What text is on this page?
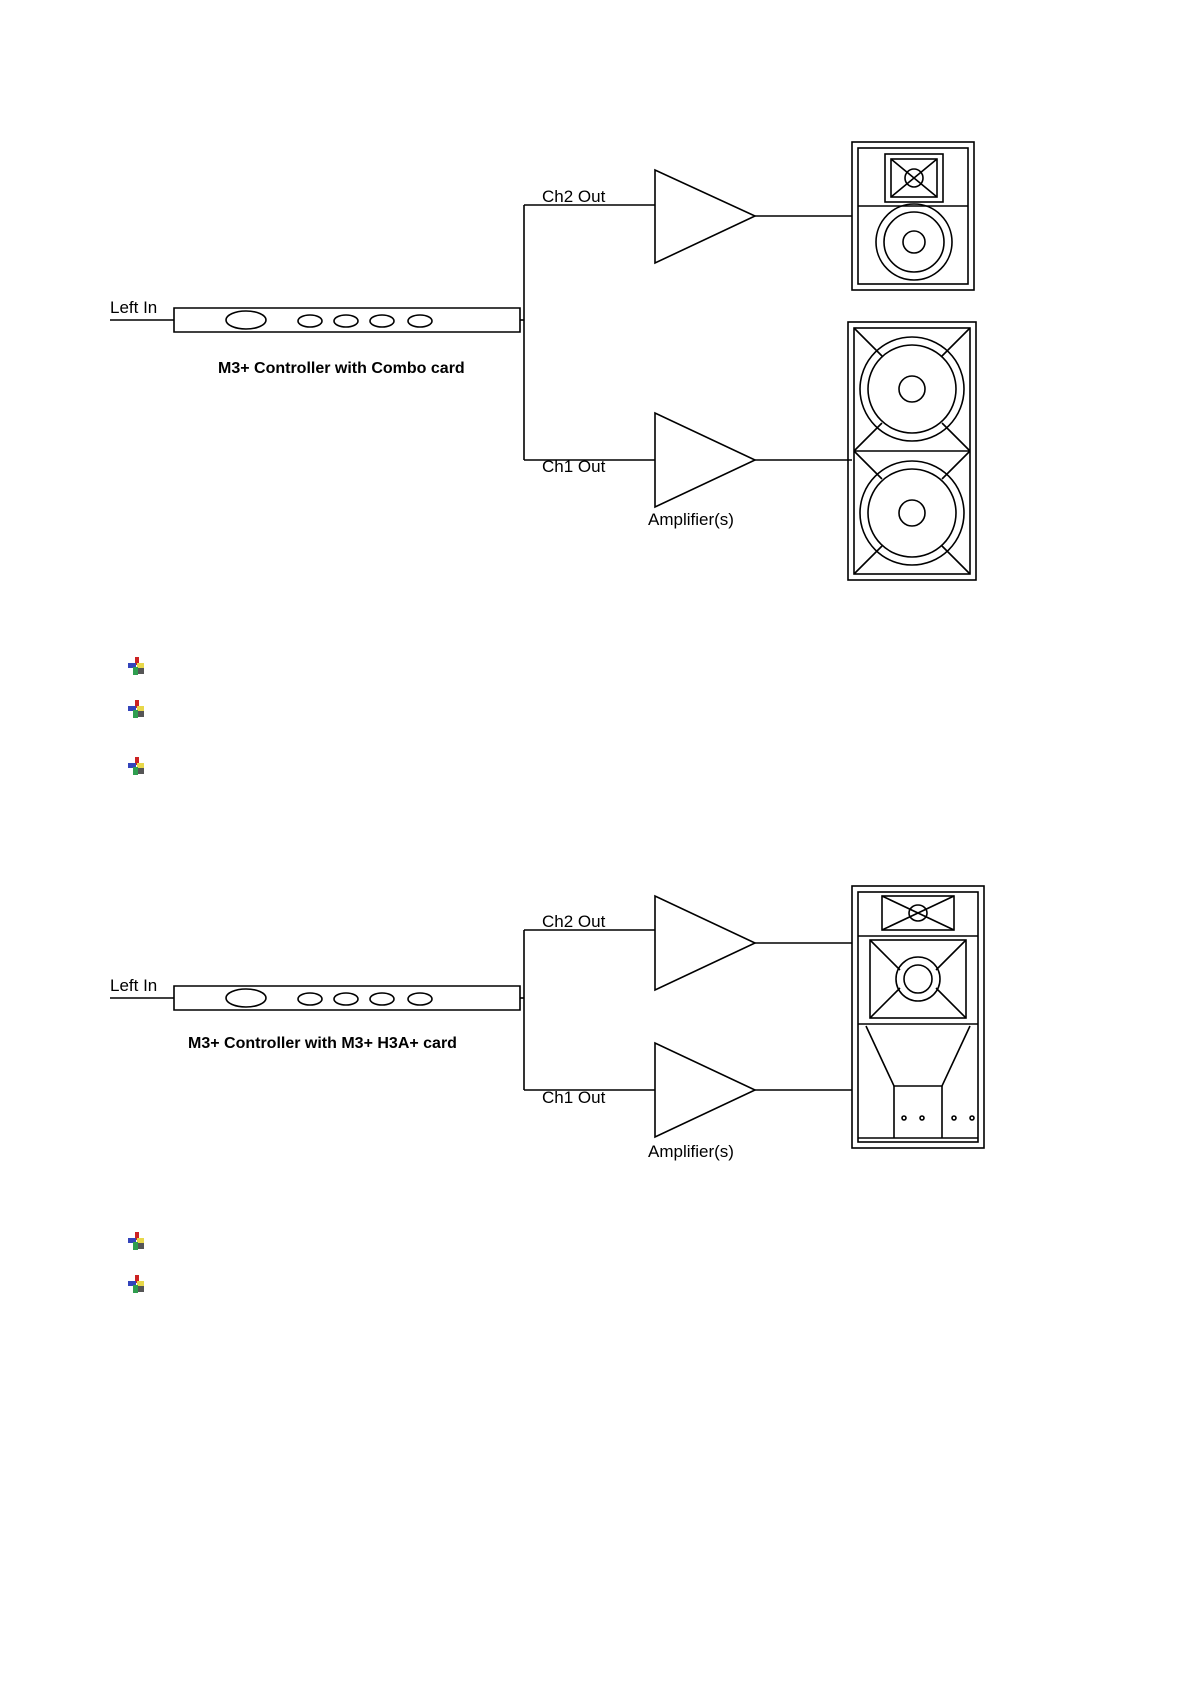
Left In
M3+ Controller with Combo card
Ch2 Out
Ch1 Out
Amplifier(s)
Left In
M3+ Controller with M3+ H3A+ card
Ch2 Out
Ch1 Out
Amplifier(s)
